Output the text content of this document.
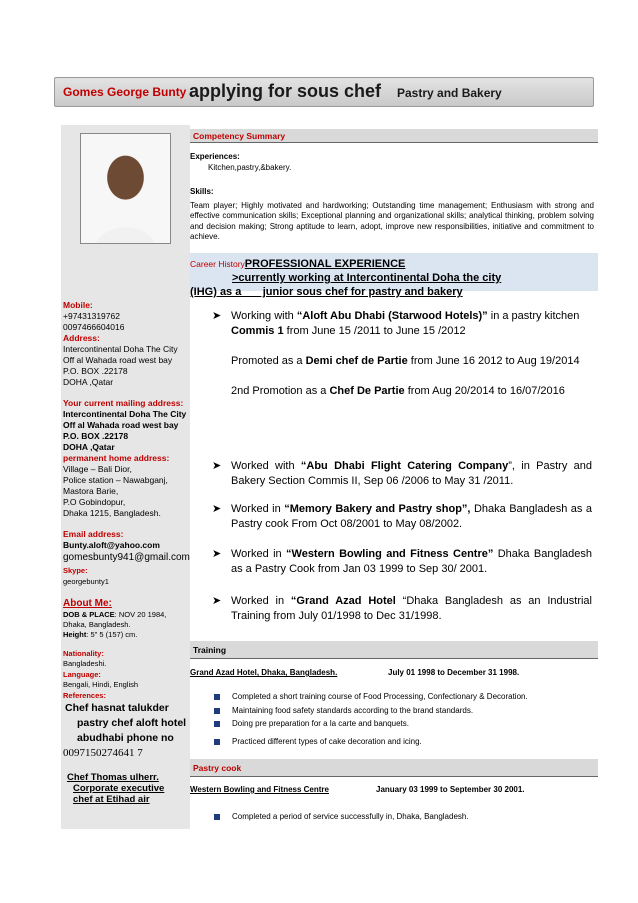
Gomes George Bunty applying for sous chef Pastry and Bakery
Mobile:
+97431319762
0097466604016
Address:
Intercontinental Doha The City
Off al Wahada road west bay
P.O. BOX .22178
DOHA ,Qatar
Your current mailing address:
Intercontinental Doha The City
Off al Wahada road west bay
P.O. BOX .22178
DOHA ,Qatar
permanent home address:
Village – Bali Dior,
Police station – Nawabganj,
Mastora Barie,
P.O Gobindopur,
Dhaka 1215, Bangladesh.
Email address:
Bunty.aloft@yahoo.com
gomesbunty941@gmail.com
Skype:
georgebunty1
About Me:
DOB & PLACE: NOV 20 1984, Dhaka, Bangladesh.
Height: 5" 5 (157) cm.
Nationality:
Bangladeshi.
Language:
Bengali, Hindi, English
References:
Chef hasnat talukder
pastry chef aloft hotel
abudhabi phone no
0097150274641 7
Chef Thomas ulherr.
Corporate executive
chef at Etihad air
Competency Summary
Experiences:
Kitchen,pastry,&bakery.
Skills:
Team player; Highly motivated and hardworking; Outstanding time management; Enthusiasm with strong and effective communication skills; Exceptional planning and organizational skills; analytical thinking, problem solving and decision making; Strong aptitude to learn, adopt, improve new responsibilities, initiative and commitment to achieve.
Career HistoryPROFESSIONAL EXPERIENCE
>currently working at Intercontinental Doha the city
(IHG) as a       junior sous chef for pastry and bakery
➤ Working with “Aloft Abu Dhabi (Starwood Hotels)” in a pastry kitchen
Commis 1 from June 15 /2011 to June 15 /2012
Promoted as a Demi chef de Partie from June 16 2012 to Aug 19/2014
2nd Promotion as a Chef De Partie from Aug 20/2014 to 16/07/2016
➤ Worked with “Abu Dhabi Flight Catering Company”, in Pastry and Bakery Section Commis II, Sep 06 /2006 to May 31 /2011.
➤ Worked in “Memory Bakery and Pastry shop”, Dhaka Bangladesh as a Pastry cook From Oct 08/2001 to May 08/2002.
➤ Worked in “Western Bowling and Fitness Centre” Dhaka Bangladesh as a Pastry Cook from Jan 03 1999 to Sep 30/ 2001.
➤ Worked in “Grand Azad Hotel “Dhaka Bangladesh as an Industrial Training from July 01/1998 to Dec 31/1998.
Training
Grand Azad Hotel, Dhaka, Bangladesh.	July 01 1998 to December 31 1998.
Completed a short training course of Food Processing, Confectionary & Decoration.
Maintaining food safety standards according to the brand standards.
Doing pre preparation for a la carte and banquets.
Practiced different types of cake decoration and icing.
Pastry cook
Western Bowling and Fitness Centre	January 03 1999 to September 30 2001.
Completed a period of service successfully in, Dhaka, Bangladesh.
